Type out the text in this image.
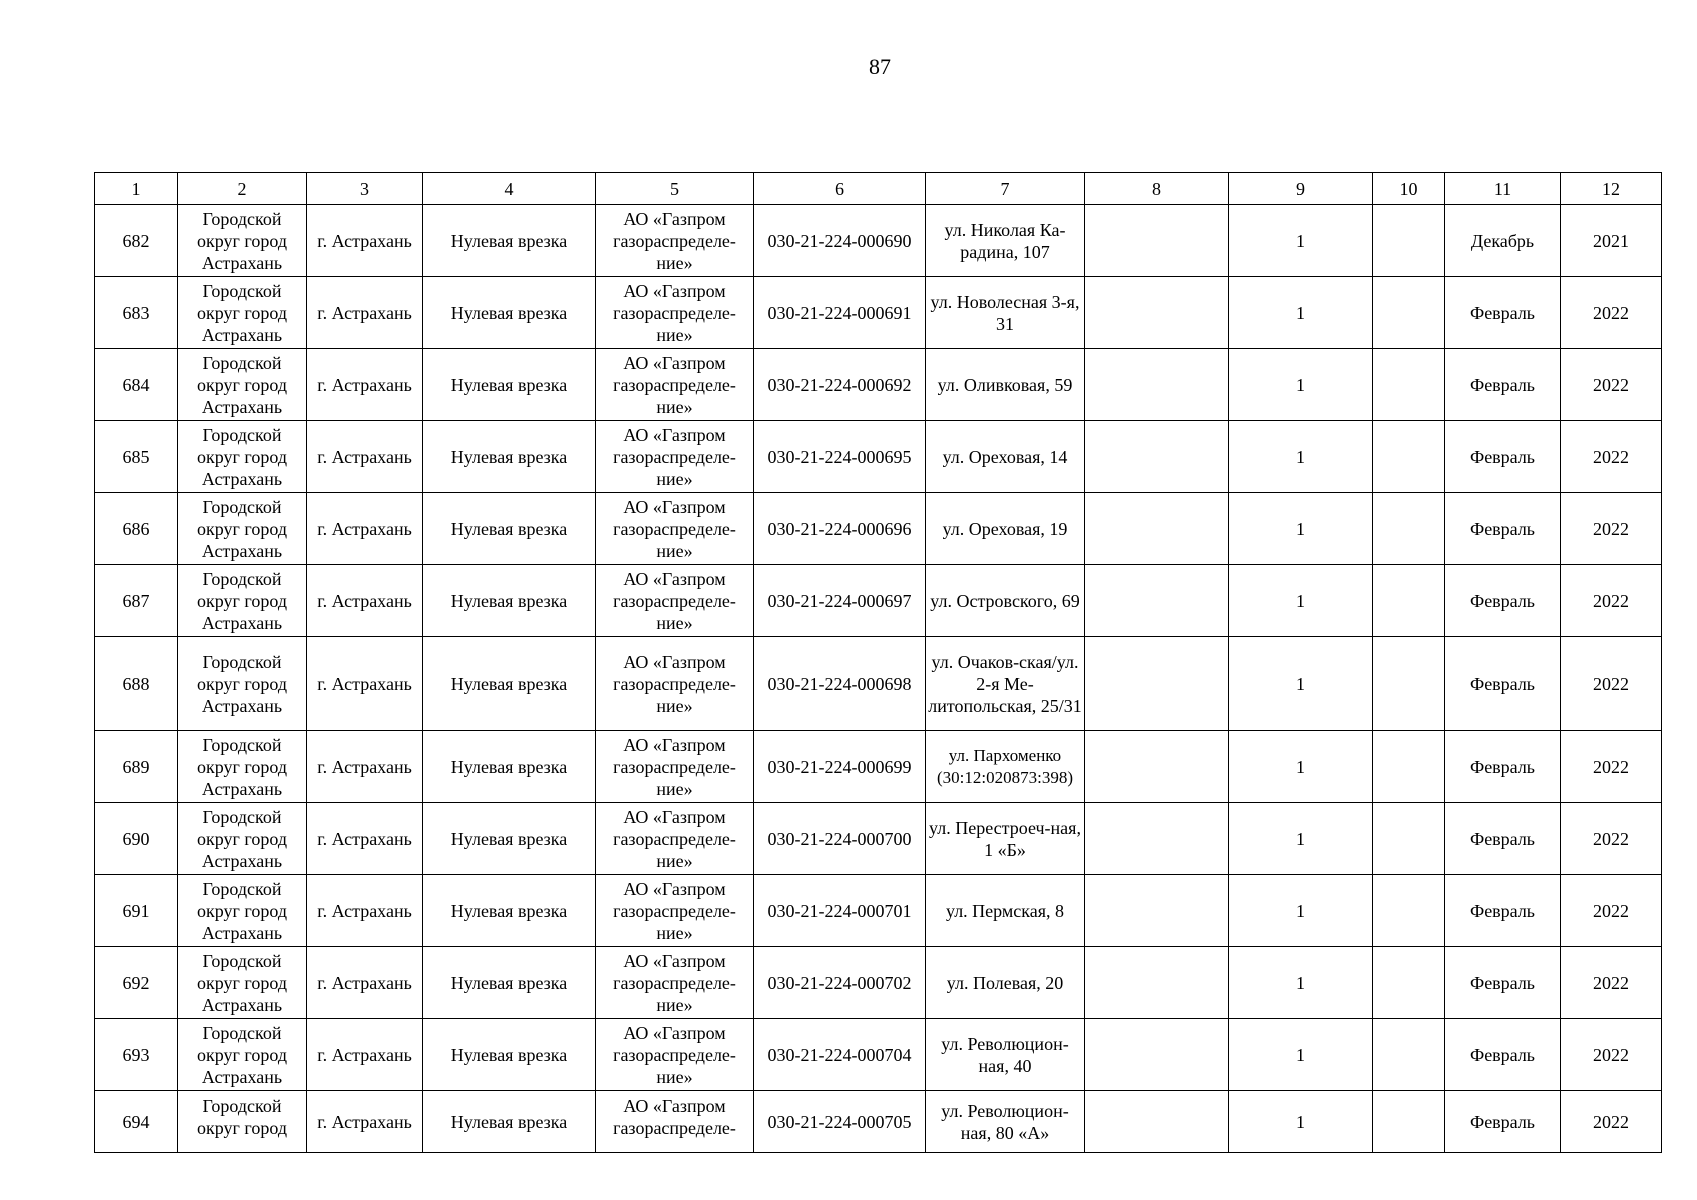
87
1	2	3	4	5	6	7	8	9	10	11	12
682	Городской округ город Астрахань	г. Астрахань	Нулевая врезка	АО «Газпром газораспределе-ние»	030-21-224-000690	ул. Николая Ка-радина, 107		1		Декабрь	2021
683	Городской округ город Астрахань	г. Астрахань	Нулевая врезка	АО «Газпром газораспределе-ние»	030-21-224-000691	ул. Новолесная 3-я, 31		1		Февраль	2022
684	Городской округ город Астрахань	г. Астрахань	Нулевая врезка	АО «Газпром газораспределе-ние»	030-21-224-000692	ул. Оливковая, 59		1		Февраль	2022
685	Городской округ город Астрахань	г. Астрахань	Нулевая врезка	АО «Газпром газораспределе-ние»	030-21-224-000695	ул. Ореховая, 14		1		Февраль	2022
686	Городской округ город Астрахань	г. Астрахань	Нулевая врезка	АО «Газпром газораспределе-ние»	030-21-224-000696	ул. Ореховая, 19		1		Февраль	2022
687	Городской округ город Астрахань	г. Астрахань	Нулевая врезка	АО «Газпром газораспределе-ние»	030-21-224-000697	ул. Островского, 69		1		Февраль	2022
688	Городской округ город Астрахань	г. Астрахань	Нулевая врезка	АО «Газпром газораспределе-ние»	030-21-224-000698	ул. Очаков-ская/ул. 2-я Ме-литопольская, 25/31		1		Февраль	2022
689	Городской округ город Астрахань	г. Астрахань	Нулевая врезка	АО «Газпром газораспределе-ние»	030-21-224-000699	ул. Пархоменко (30:12:020873:398)		1		Февраль	2022
690	Городской округ город Астрахань	г. Астрахань	Нулевая врезка	АО «Газпром газораспределе-ние»	030-21-224-000700	ул. Перестроеч-ная, 1 «Б»		1		Февраль	2022
691	Городской округ город Астрахань	г. Астрахань	Нулевая врезка	АО «Газпром газораспределе-ние»	030-21-224-000701	ул. Пермская, 8		1		Февраль	2022
692	Городской округ город Астрахань	г. Астрахань	Нулевая врезка	АО «Газпром газораспределе-ние»	030-21-224-000702	ул. Полевая, 20		1		Февраль	2022
693	Городской округ город Астрахань	г. Астрахань	Нулевая врезка	АО «Газпром газораспределе-ние»	030-21-224-000704	ул. Революцион-ная, 40		1		Февраль	2022
694	Городской округ город	г. Астрахань	Нулевая врезка	АО «Газпром газораспределе-	030-21-224-000705	ул. Революцион-ная, 80 «А»		1		Февраль	2022
